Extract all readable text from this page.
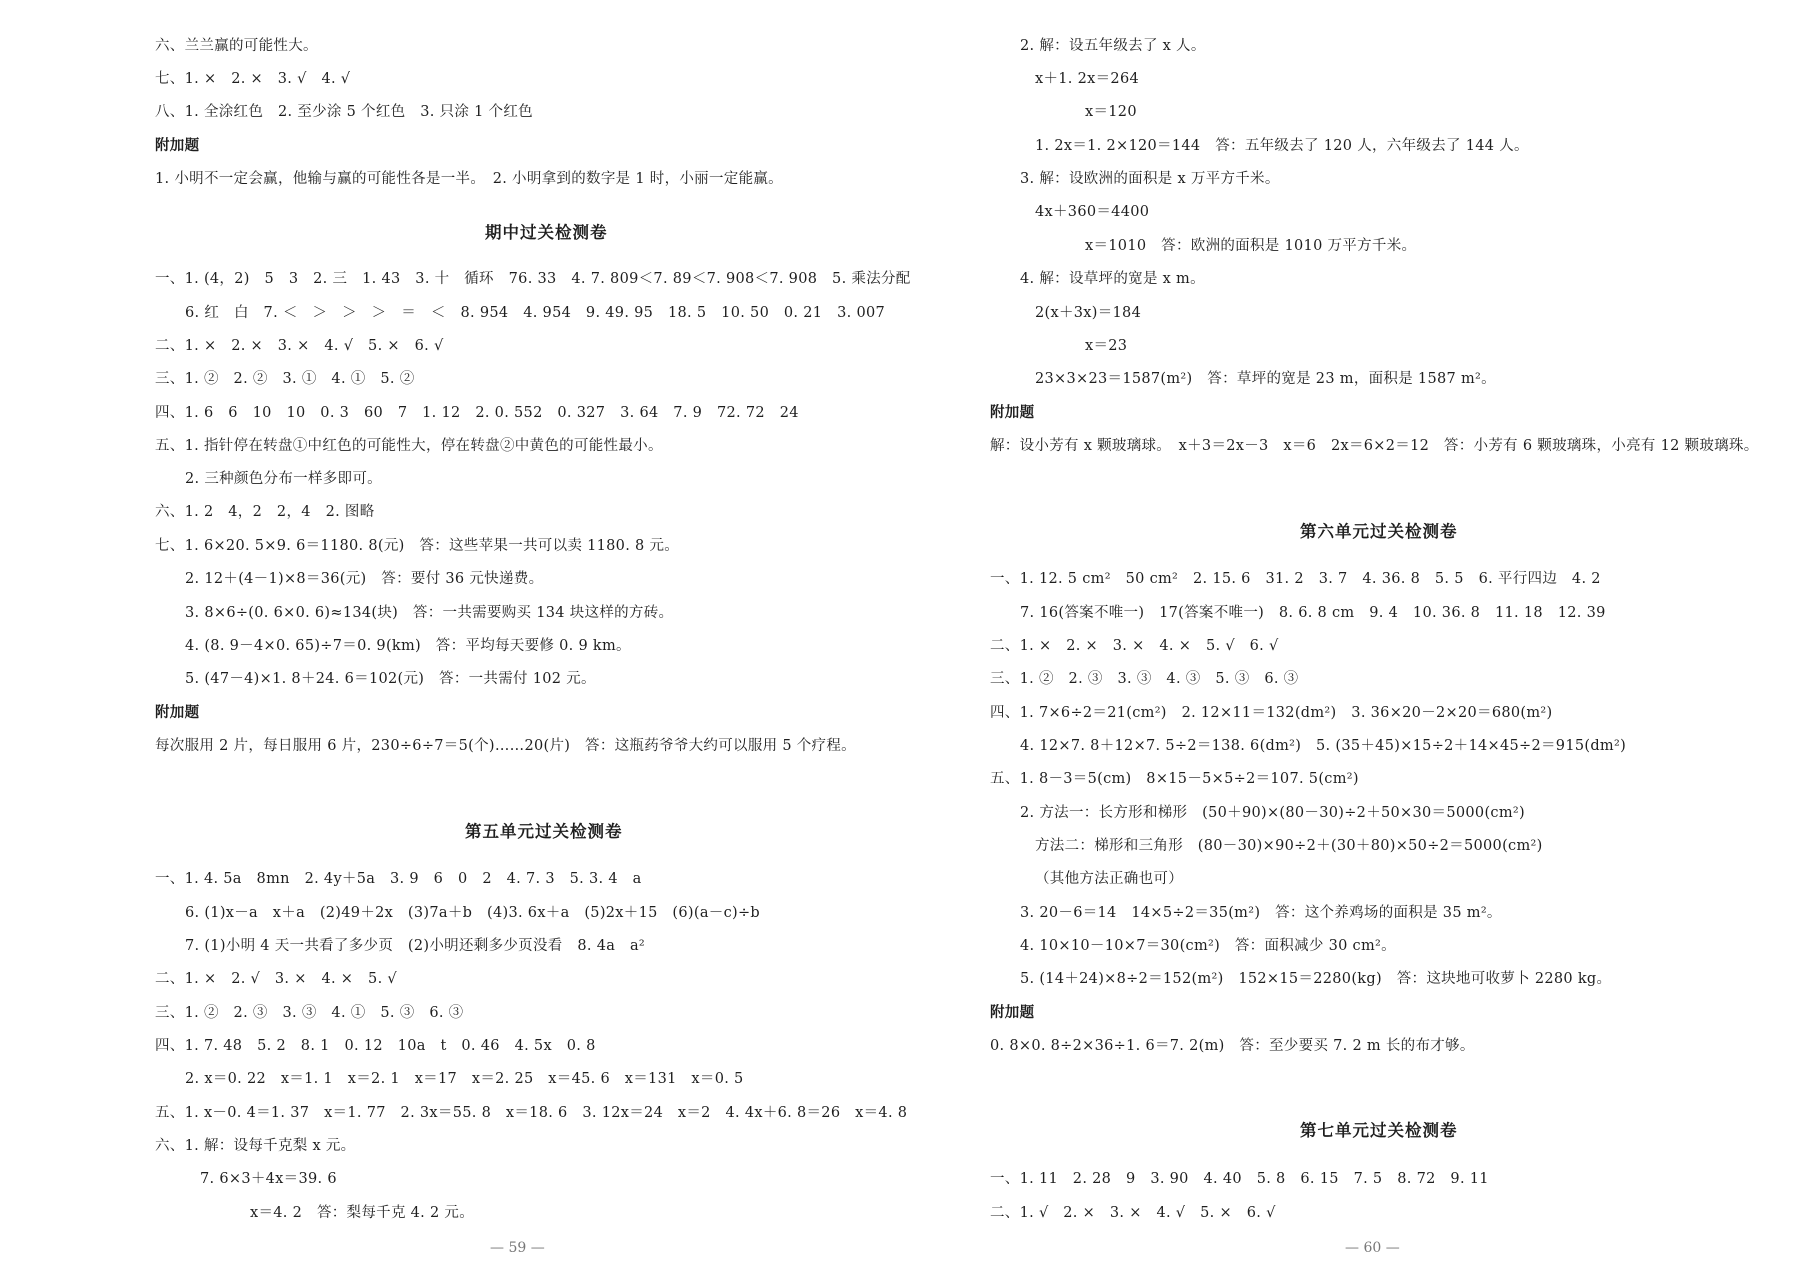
六、兰兰赢的可能性大。
七、1. ×　2. ×　3. √　4. √
八、1. 全涂红色　2. 至少涂 5 个红色　3. 只涂 1 个红色
附加题
1. 小明不一定会赢，他输与赢的可能性各是一半。　2. 小明拿到的数字是 1 时，小丽一定能赢。
期中过关检测卷
一、1. (4，2)　5　3　2. 三　1. 43　3. 十　循环　76. 33　4. 7. 809＜7. 89＜7. 908＜7. 908　5. 乘法分配
6. 红　白　7. ＜　＞　＞　＞　＝　＜　8. 954　4. 954　9. 49. 95　18. 5　10. 50　0. 21　3. 007
二、1. ×　2. ×　3. ×　4. √　5. ×　6. √
三、1. ②　2. ②　3. ①　4. ①　5. ②
四、1. 6　6　10　10　0. 3　60　7　1. 12　2. 0. 552　0. 327　3. 64　7. 9　72. 72　24
五、1. 指针停在转盘①中红色的可能性大，停在转盘②中黄色的可能性最小。
2. 三种颜色分布一样多即可。
六、1. 2　4，2　2，4　2. 图略
七、1. 6×20. 5×9. 6＝1180. 8(元)　答：这些苹果一共可以卖 1180. 8 元。
2. 12＋(4－1)×8＝36(元)　答：要付 36 元快递费。
3. 8×6÷(0. 6×0. 6)≈134(块)　答：一共需要购买 134 块这样的方砖。
4. (8. 9－4×0. 65)÷7＝0. 9(km)　答：平均每天要修 0. 9 km。
5. (47－4)×1. 8＋24. 6＝102(元)　答：一共需付 102 元。
附加题
每次服用 2 片，每日服用 6 片，230÷6÷7＝5(个)……20(片)　答：这瓶药爷爷大约可以服用 5 个疗程。
第五单元过关检测卷
一、1. 4. 5a　8mn　2. 4y＋5a　3. 9　6　0　2　4. 7. 3　5. 3. 4　a
6. (1)x－a　x＋a　(2)49＋2x　(3)7a＋b　(4)3. 6x＋a　(5)2x＋15　(6)(a－c)÷b
7. (1)小明 4 天一共看了多少页　(2)小明还剩多少页没看　8. 4a　a²
二、1. ×　2. √　3. ×　4. ×　5. √
三、1. ②　2. ③　3. ③　4. ①　5. ③　6. ③
四、1. 7. 48　5. 2　8. 1　0. 12　10a　t　0. 46　4. 5x　0. 8
2. x＝0. 22　x＝1. 1　x＝2. 1　x＝17　x＝2. 25　x＝45. 6　x＝131　x＝0. 5
五、1. x－0. 4＝1. 37　x＝1. 77　2. 3x＝55. 8　x＝18. 6　3. 12x＝24　x＝2　4. 4x＋6. 8＝26　x＝4. 8
六、1. 解：设每千克梨 x 元。
7. 6×3＋4x＝39. 6
x＝4. 2　答：梨每千克 4. 2 元。
— 59 —
2. 解：设五年级去了 x 人。
x＋1. 2x＝264
x＝120
1. 2x＝1. 2×120＝144　答：五年级去了 120 人，六年级去了 144 人。
3. 解：设欧洲的面积是 x 万平方千米。
4x＋360＝4400
x＝1010　答：欧洲的面积是 1010 万平方千米。
4. 解：设草坪的宽是 x m。
2(x＋3x)＝184
x＝23
23×3×23＝1587(m²)　答：草坪的宽是 23 m，面积是 1587 m²。
附加题
解：设小芳有 x 颗玻璃球。　x＋3＝2x－3　x＝6　2x＝6×2＝12　答：小芳有 6 颗玻璃珠，小亮有 12 颗玻璃珠。
第六单元过关检测卷
一、1. 12. 5 cm²　50 cm²　2. 15. 6　31. 2　3. 7　4. 36. 8　5. 5　6. 平行四边　4. 2
7. 16(答案不唯一)　17(答案不唯一)　8. 6. 8 cm　9. 4　10. 36. 8　11. 18　12. 39
二、1. ×　2. ×　3. ×　4. ×　5. √　6. √
三、1. ②　2. ③　3. ③　4. ③　5. ③　6. ③
四、1. 7×6÷2＝21(cm²)　2. 12×11＝132(dm²)　3. 36×20－2×20＝680(m²)
4. 12×7. 8＋12×7. 5÷2＝138. 6(dm²)　5. (35＋45)×15÷2＋14×45÷2＝915(dm²)
五、1. 8－3＝5(cm)　8×15－5×5÷2＝107. 5(cm²)
2. 方法一：长方形和梯形　(50＋90)×(80－30)÷2＋50×30＝5000(cm²)
方法二：梯形和三角形　(80－30)×90÷2＋(30＋80)×50÷2＝5000(cm²)
（其他方法正确也可）
3. 20－6＝14　14×5÷2＝35(m²)　答：这个养鸡场的面积是 35 m²。
4. 10×10－10×7＝30(cm²)　答：面积减少 30 cm²。
5. (14＋24)×8÷2＝152(m²)　152×15＝2280(kg)　答：这块地可收萝卜 2280 kg。
附加题
0. 8×0. 8÷2×36÷1. 6＝7. 2(m)　答：至少要买 7. 2 m 长的布才够。
第七单元过关检测卷
一、1. 11　2. 28　9　3. 90　4. 40　5. 8　6. 15　7. 5　8. 72　9. 11
二、1. √　2. ×　3. ×　4. √　5. ×　6. √
— 60 —
